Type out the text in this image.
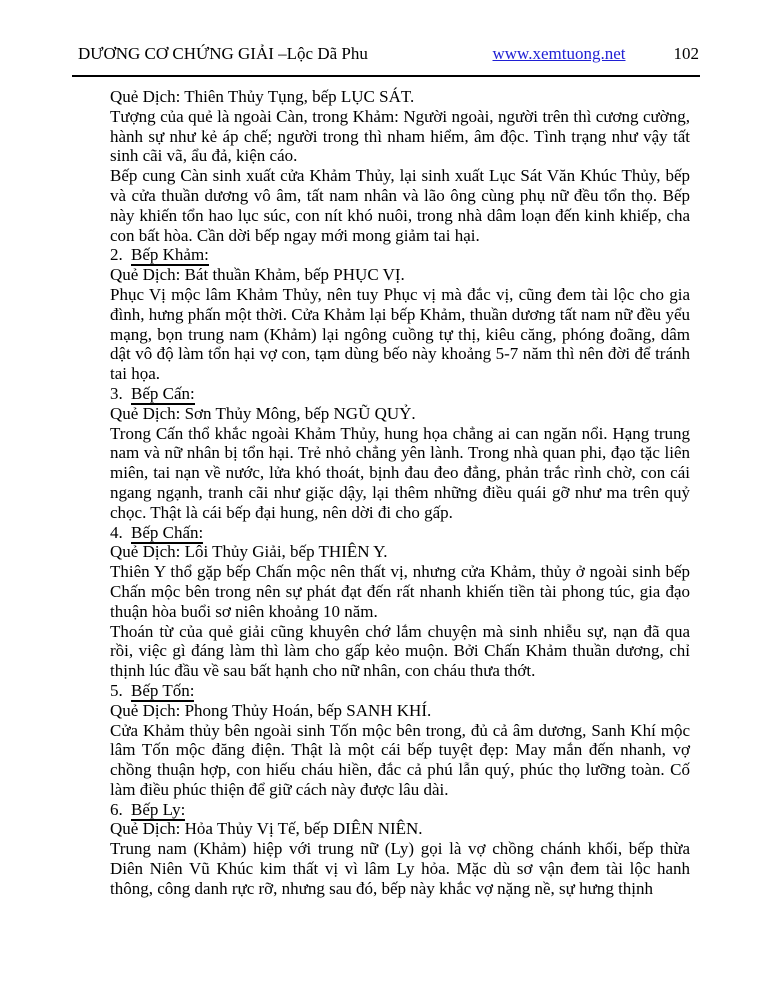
DƯƠNG CƠ CHỨNG GIẢI –Lộc Dã Phu	www.xemtuong.net	102

Quẻ Dịch: Thiên Thủy Tụng, bếp LỤC SÁT.

Tượng của quẻ là ngoài Càn, trong Khảm: Người ngoài, người trên thì cương cường, hành sự như kẻ áp chế; người trong thì nham hiểm, âm độc. Tình trạng như vậy tất sinh cãi vã, ẩu đả, kiện cáo.

Bếp cung Càn sinh xuất cửa Khảm Thủy, lại sinh xuất Lục Sát Văn Khúc Thủy, bếp và cửa thuần dương vô âm, tất nam nhân và lão ông cùng phụ nữ đều tổn thọ. Bếp này khiến tổn hao lục súc, con nít khó nuôi, trong nhà dâm loạn đến kinh khiếp, cha con bất hòa. Cần dời bếp ngay mới mong giảm tai hại.

2. Bếp Khảm:

Quẻ Dịch: Bát thuần Khảm, bếp PHỤC VỊ.

Phục Vị mộc lâm Khảm Thủy, nên tuy Phục vị mà đắc vị, cũng đem tài lộc cho gia đình, hưng phấn một thời. Cửa Khảm lại bếp Khảm, thuần dương tất nam nữ đều yểu mạng, bọn trung nam (Khảm) lại ngông cuồng tự thị, kiêu căng, phóng đoãng, dâm dật vô độ làm tổn hại vợ con, tạm dùng bếo này khoảng 5-7 năm thì nên đời để tránh tai họa.

3. Bếp Cấn:

Quẻ Dịch: Sơn Thủy Mông, bếp NGŨ QUỶ.

Trong Cấn thổ khắc ngoài Khảm Thủy, hung họa chẳng ai can ngăn nổi. Hạng trung nam và nữ nhân bị tổn hại. Trẻ nhỏ chẳng yên lành. Trong nhà quan phi, đạo tặc liên miên, tai nạn về nước, lửa khó thoát, bịnh đau đeo đẳng, phản trắc rình chờ, con cái ngang ngạnh, tranh cãi như giặc dậy, lại thêm những điều quái gỡ như ma trên quỷ chọc. Thật là cái bếp đại hung, nên dời đi cho gấp.

4. Bếp Chấn:

Quẻ Dịch: Lôi Thủy Giải, bếp THIÊN Y.

Thiên Y thổ gặp bếp Chấn mộc nên thất vị, nhưng cửa Khảm, thủy ở ngoài sinh bếp Chấn mộc bên trong nên sự phát đạt đến rất nhanh khiến tiền tài phong túc, gia đạo thuận hòa buổi sơ niên khoảng 10 năm.

Thoán từ của quẻ giải cũng khuyên chớ lắm chuyện mà sinh nhiễu sự, nạn đã qua rồi, việc gì đáng làm thì làm cho gấp kẻo muộn. Bởi Chấn Khảm thuần dương, chỉ thịnh lúc đầu về sau bất hạnh cho nữ nhân, con cháu thưa thớt.

5. Bếp Tốn:

Quẻ Dịch: Phong Thủy Hoán, bếp SANH KHÍ.

Cửa Khảm thủy bên ngoài sinh Tốn mộc bên trong, đủ cả âm dương, Sanh Khí mộc lâm Tốn mộc đăng điện. Thật là một cái bếp tuyệt đẹp: May mắn đến nhanh, vợ chồng thuận hợp, con hiếu cháu hiền, đắc cả phú lẫn quý, phúc thọ lưỡng toàn. Cố làm điều phúc thiện để giữ cách này được lâu dài.

6. Bếp Ly:

Quẻ Dịch: Hỏa Thủy Vị Tế, bếp DIÊN NIÊN.

Trung nam (Khảm) hiệp với trung nữ (Ly) gọi là vợ chồng chánh khối, bếp thừa Diên Niên Vũ Khúc kim thất vị vì lâm Ly hỏa. Mặc dù sơ vận đem tài lộc hanh thông, công danh rực rỡ, nhưng sau đó, bếp này khắc vợ nặng nề, sự hưng thịnh
